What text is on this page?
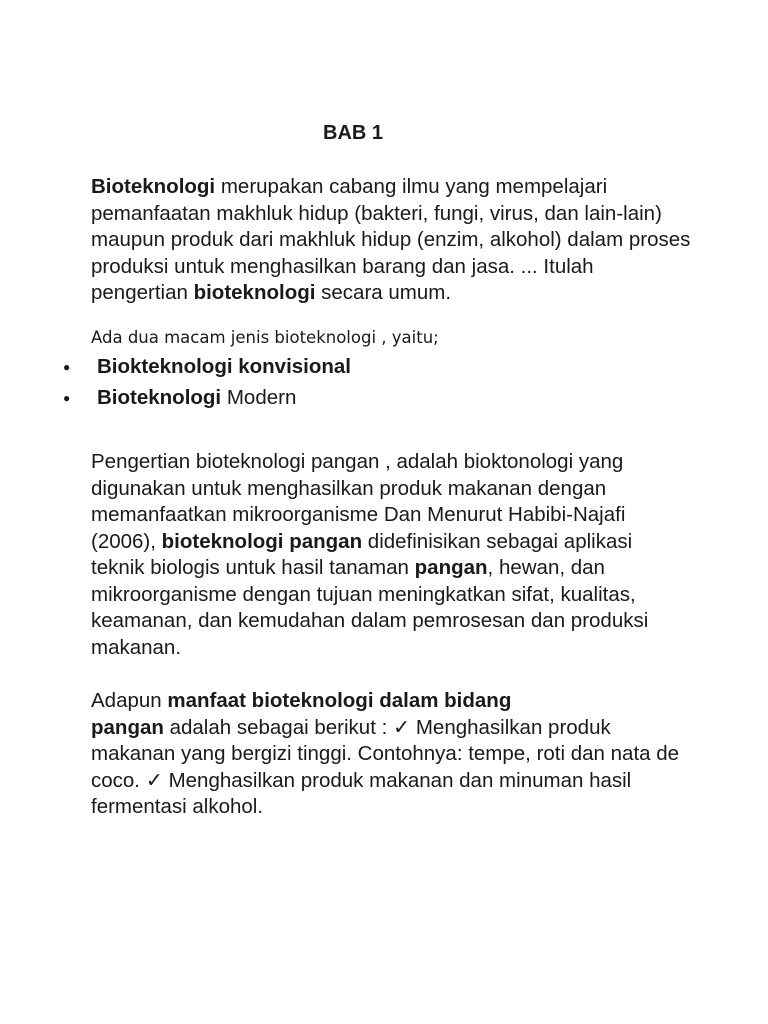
BAB 1

Bioteknologi merupakan cabang ilmu yang mempelajari pemanfaatan makhluk hidup (bakteri, fungi, virus, dan lain-lain) maupun produk dari makhluk hidup (enzim, alkohol) dalam proses produksi untuk menghasilkan barang dan jasa. ... Itulah pengertian bioteknologi secara umum.

Ada dua macam jenis bioteknologi , yaitu;

● Biokteknologi konvisional
● Bioteknologi Modern

Pengertian bioteknologi pangan , adalah bioktonologi yang digunakan untuk menghasilkan produk makanan dengan memanfaatkan mikroorganisme Dan Menurut Habibi-Najafi (2006), bioteknologi pangan didefinisikan sebagai aplikasi teknik biologis untuk hasil tanaman pangan, hewan, dan mikroorganisme dengan tujuan meningkatkan sifat, kualitas, keamanan, dan kemudahan dalam pemrosesan dan produksi makanan.

Adapun manfaat bioteknologi dalam bidang
pangan adalah sebagai berikut : ✓ Menghasilkan produk makanan yang bergizi tinggi. Contohnya: tempe, roti dan nata de coco. ✓ Menghasilkan produk makanan dan minuman hasil fermentasi alkohol.
